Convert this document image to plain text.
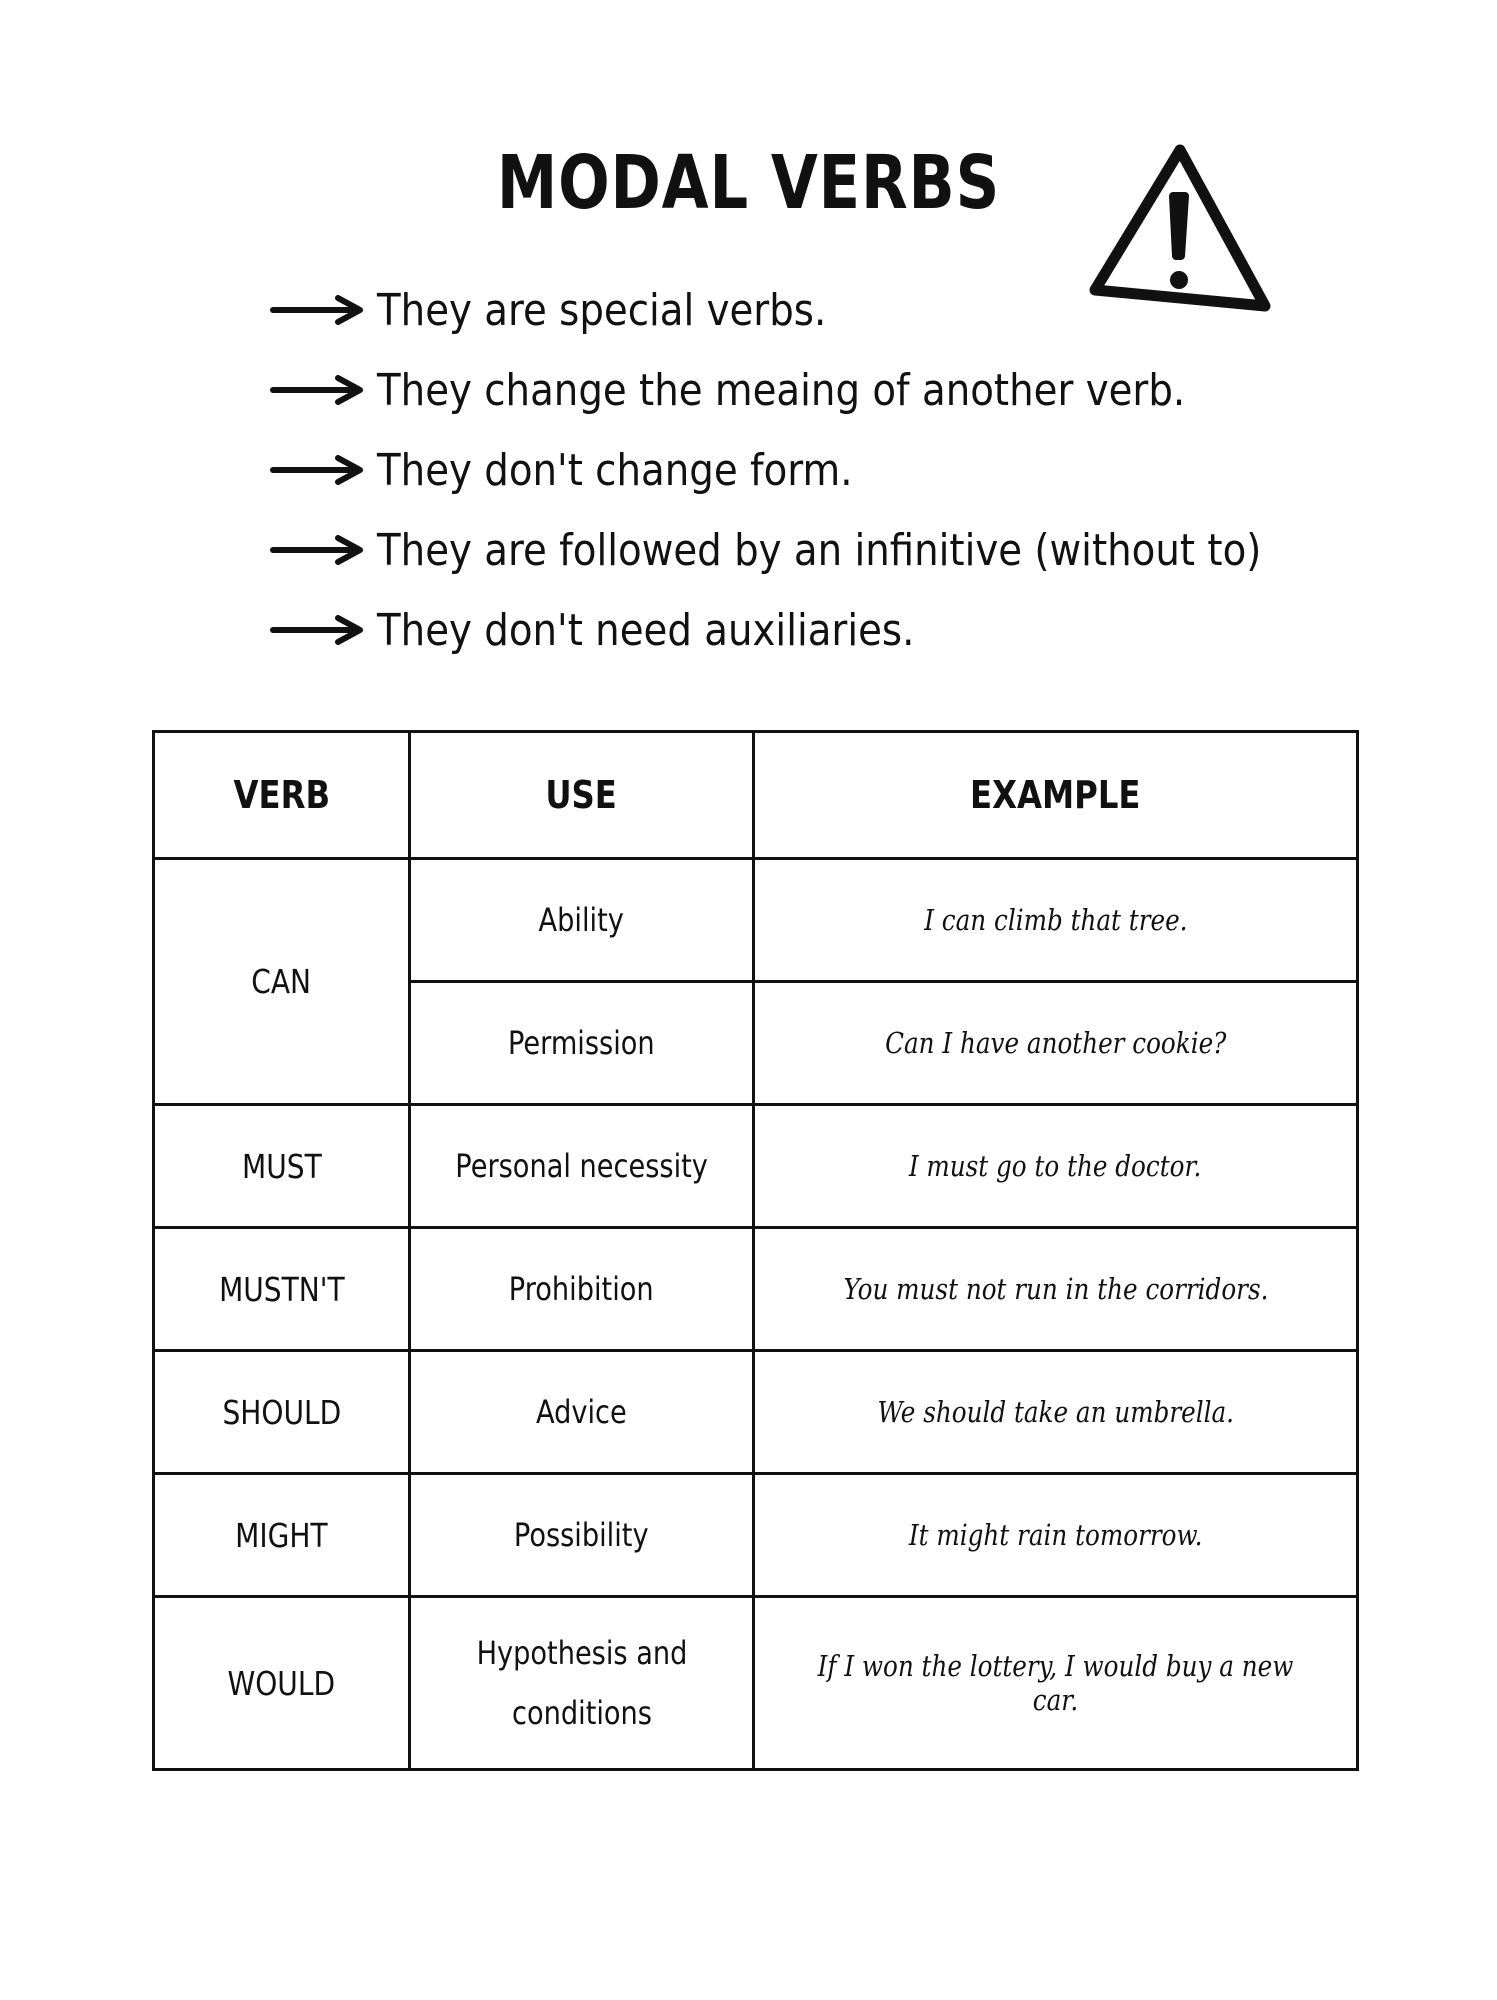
MODAL VERBS
They are special verbs.
They change the meaing of another verb.
They don't change form.
They are followed by an infinitive (without to)
They don't need auxiliaries.
VERB	USE	EXAMPLE
CAN	Ability	I can climb that tree.
	Permission	Can I have another cookie?
MUST	Personal necessity	I must go to the doctor.
MUSTN'T	Prohibition	You must not run in the corridors.
SHOULD	Advice	We should take an umbrella.
MIGHT	Possibility	It might rain tomorrow.
WOULD	Hypothesis and conditions	If I won the lottery, I would buy a new car.
